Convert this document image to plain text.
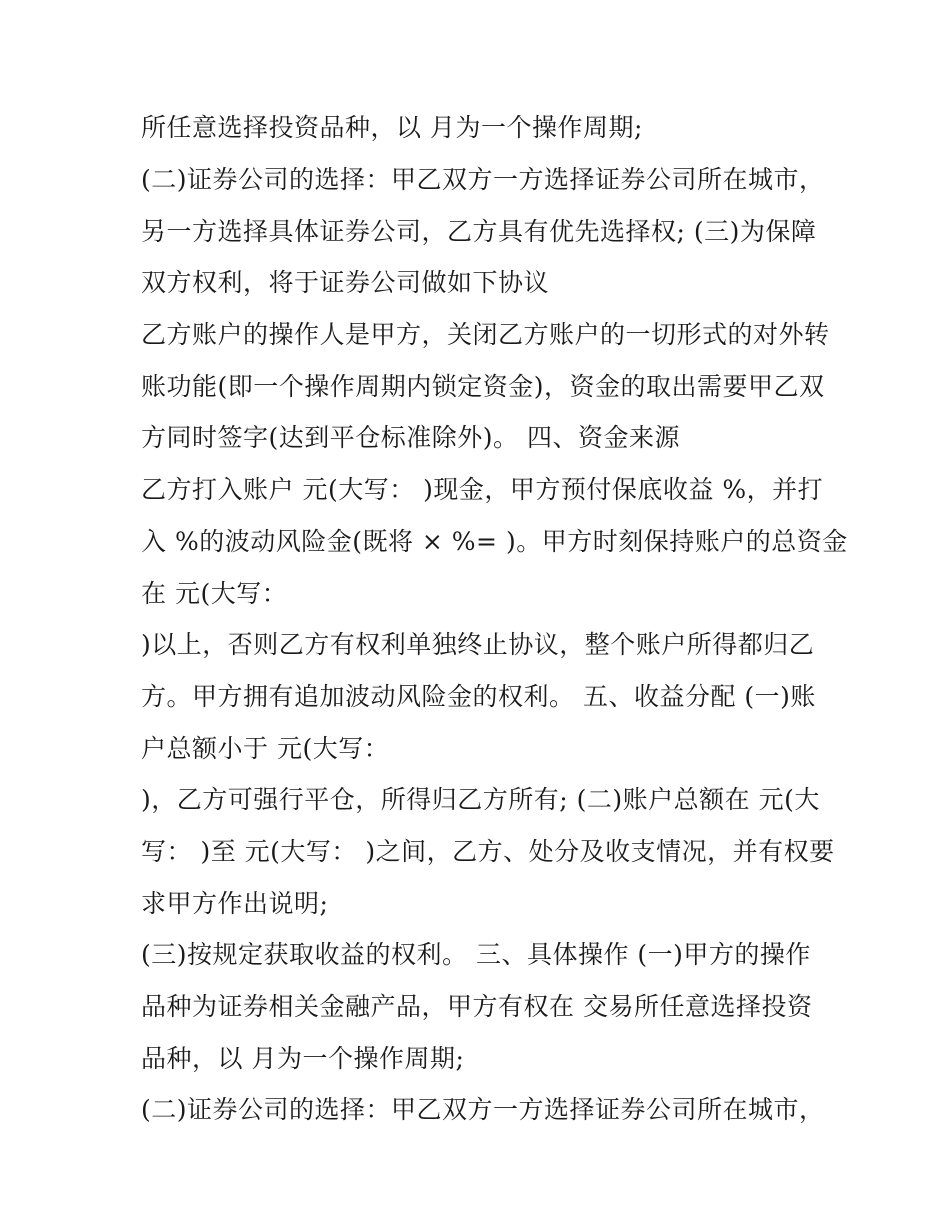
所任意选择投资品种，以 月为一个操作周期;
(二)证券公司的选择：甲乙双方一方选择证券公司所在城市，
另一方选择具体证券公司，乙方具有优先选择权; (三)为保障
双方权利，将于证券公司做如下协议
乙方账户的操作人是甲方，关闭乙方账户的一切形式的对外转
账功能(即一个操作周期内锁定资金)，资金的取出需要甲乙双
方同时签字(达到平仓标准除外)。 四、资金来源
乙方打入账户 元(大写： )现金，甲方预付保底收益 %，并打
入 %的波动风险金(既将 × %= )。甲方时刻保持账户的总资金
在 元(大写：
)以上，否则乙方有权利单独终止协议，整个账户所得都归乙
方。甲方拥有追加波动风险金的权利。 五、收益分配 (一)账
户总额小于 元(大写：
)，乙方可强行平仓，所得归乙方所有; (二)账户总额在 元(大
写： )至 元(大写： )之间，乙方、处分及收支情况，并有权要
求甲方作出说明;
(三)按规定获取收益的权利。 三、具体操作 (一)甲方的操作
品种为证券相关金融产品，甲方有权在 交易所任意选择投资
品种，以 月为一个操作周期;
(二)证券公司的选择：甲乙双方一方选择证券公司所在城市，
